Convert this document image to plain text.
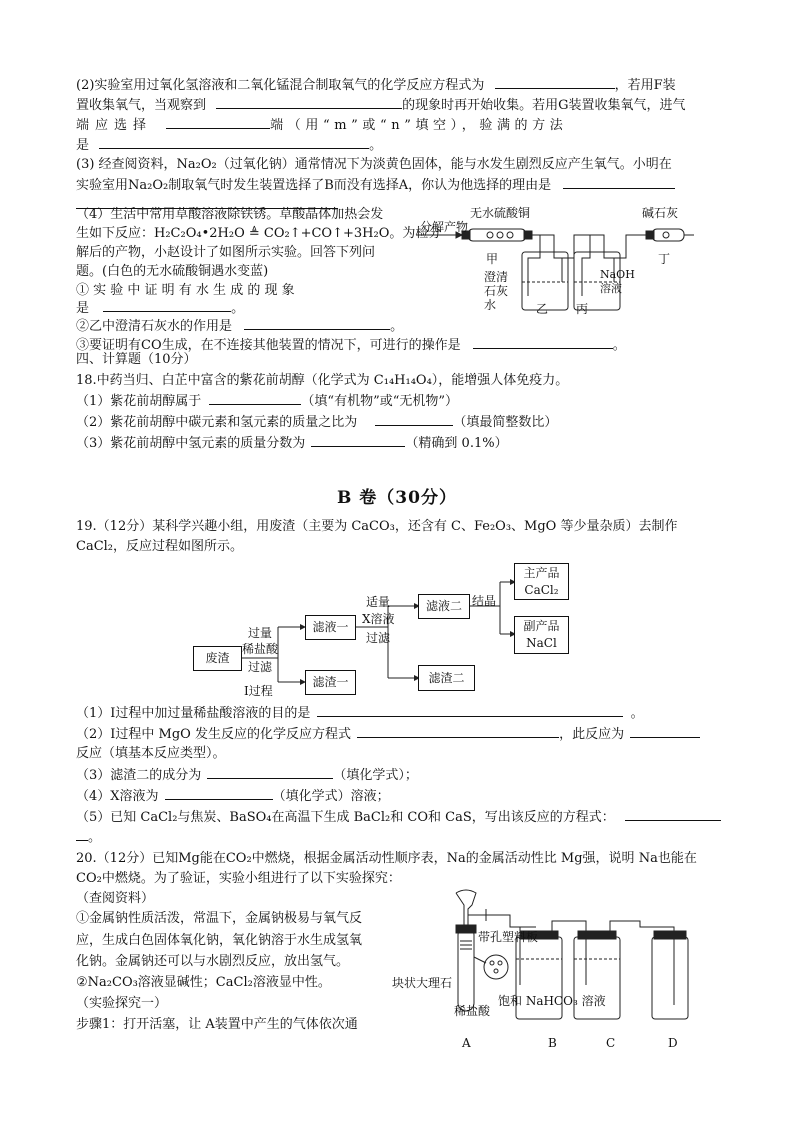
(2)实验室用过氧化氢溶液和二氧化锰混合制取氧气的化学反应方程式为	，若用F装
置收集氧气，当观察到	的现象时再开始收集。若用G装置收集氧气，进气
端应选择	端（用“m”或“n”填空），验满的方法
是	。
(3) 经查阅资料，Na₂O₂（过氧化钠）通常情况下为淡黄色固体，能与水发生剧烈反应产生氧气。小明在
实验室用Na₂O₂制取氧气时发生装置选择了B而没有选择A，你认为他选择的理由是
（4）生活中常用草酸溶液除铁锈。草酸晶体加热会发
生如下反应：H₂C₂O₄•2H₂O ≜ CO₂↑+CO↑+3H₂O。为检分
解后的产物，小赵设计了如图所示实验。回答下列问
题。(白色的无水硫酸铜遇水变蓝)
① 实 验 中 证 明 有 水 生 成 的 现 象
是	。
②乙中澄清石灰水的作用是	。
③要证明有CO生成，在不连接其他装置的情况下，可进行的操作是	。
分解产物
无水硫酸铜	碱石灰
甲
澄清石灰水
NaOH溶液
乙 丙
丁
四、计算题（10分）
18.中药当归、白芷中富含的紫花前胡醇（化学式为 C₁₄H₁₄O₄），能增强人体免疫力。
（1）紫花前胡醇属于	（填“有机物”或“无机物”）
（2）紫花前胡醇中碳元素和氢元素的质量之比为	（填最简整数比）
（3）紫花前胡醇中氢元素的质量分数为	（精确到 0.1%）
B 卷（30分）
19.（12分）某科学兴趣小组，用废渣（主要为 CaCO₃，还含有 C、Fe₂O₃、MgO 等少量杂质）去制作
CaCl₂，反应过程如图所示。
废渣
过量
稀盐酸
过滤
Ⅰ过程
滤液一
滤渣一
适量
X溶液
过滤
滤液二
滤渣二
结晶
主产品
CaCl₂
副产品
NaCl
（1）Ⅰ过程中加过量稀盐酸溶液的目的是	。
（2）Ⅰ过程中 MgO 发生反应的化学反应方程式	，此反应为
反应（填基本反应类型）。
（3）滤渣二的成分为	（填化学式）；
（4）X溶液为	（填化学式）溶液；
（5）已知 CaCl₂与焦炭、BaSO₄在高温下生成 BaCl₂和 CO和 CaS，写出该反应的方程式：
。
20.（12分）已知Mg能在CO₂中燃烧，根据金属活动性顺序表，Na的金属活动性比 Mg强，说明 Na也能在
CO₂中燃烧。为了验证，实验小组进行了以下实验探究：
（查阅资料）
①金属钠性质活泼，常温下，金属钠极易与氧气反
应，生成白色固体氧化钠，氧化钠溶于水生成氢氧
化钠。金属钠还可以与水剧烈反应，放出氢气。
②Na₂CO₃溶液显碱性；CaCl₂溶液显中性。
（实验探究一）
步骤1：打开活塞，让 A装置中产生的气体依次通
带孔塑料板
块状大理石
稀盐酸
饱和 NaHCO₃ 溶液
A	B	C	D
